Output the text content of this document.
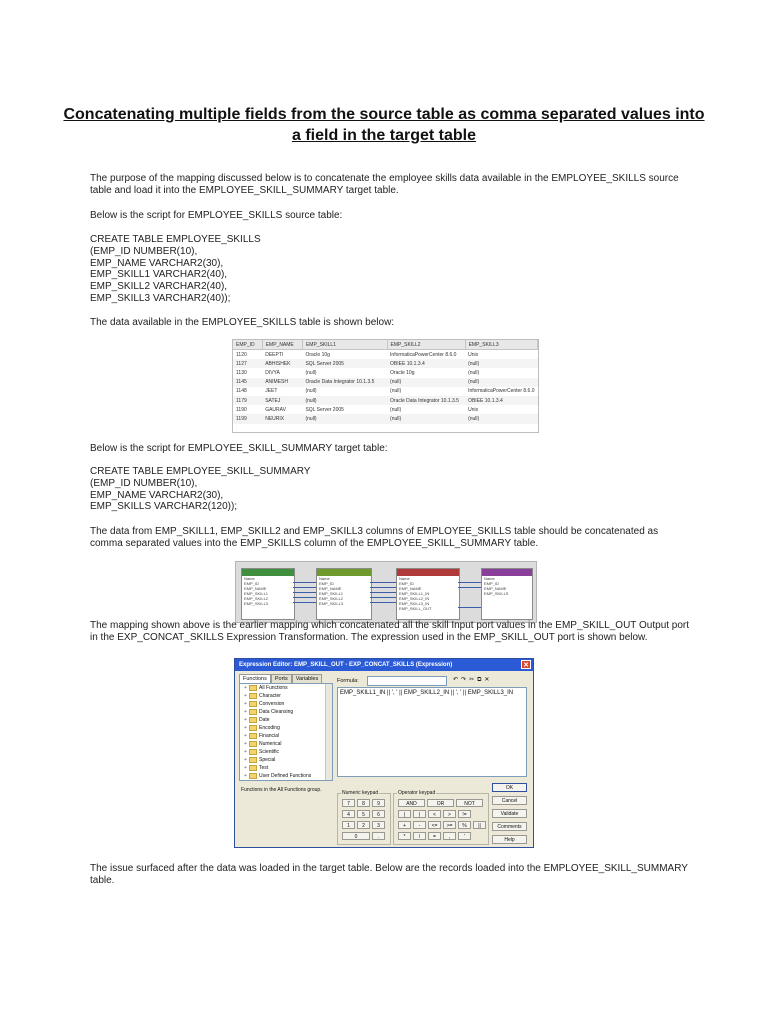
Concatenating multiple fields from the source table as comma separated values into a field in the target table

The purpose of the mapping discussed below is to concatenate the employee skills data available in the EMPLOYEE_SKILLS source table and load it into the EMPLOYEE_SKILL_SUMMARY target table.

Below is the script for EMPLOYEE_SKILLS source table:

CREATE TABLE EMPLOYEE_SKILLS
(EMP_ID NUMBER(10),
EMP_NAME VARCHAR2(30),
EMP_SKILL1 VARCHAR2(40),
EMP_SKILL2 VARCHAR2(40),
EMP_SKILL3 VARCHAR2(40));

The data available in the EMPLOYEE_SKILLS table is shown below:

EMP_ID	EMP_NAME	EMP_SKILL1	EMP_SKILL2	EMP_SKILL3
1120	DEEPTI	Oracle 10g	InformaticaPowerCenter 8.6.0	Unix
1127	ABHISHEK	SQL Server 2005	OBIEE 10.1.3.4	(null)
1130	DIVYA	(null)	Oracle 10g	(null)
1145	ANIMESH	Oracle Data Integrator 10.1.3.5	(null)	(null)
1148	JEET	(null)	(null)	InformaticaPowerCenter 8.6.0
1179	SATEJ	(null)	Oracle Data Integrator 10.1.3.5	OBIEE 10.1.3.4
1190	GAURAV	SQL Server 2005	(null)	Unix
1199	NEURIX	(null)	(null)	(null)

Below is the script for EMPLOYEE_SKILL_SUMMARY target table:

CREATE TABLE EMPLOYEE_SKILL_SUMMARY
(EMP_ID NUMBER(10),
EMP_NAME VARCHAR2(30),
EMP_SKILLS VARCHAR2(120));

The data from EMP_SKILL1, EMP_SKILL2 and EMP_SKILL3 columns of EMPLOYEE_SKILLS table should be concatenated as comma separated values into the EMP_SKILLS column of the EMPLOYEE_SKILL_SUMMARY table.

Name
EMP_ID
EMP_NAME
EMP_SKILL1
EMP_SKILL2
EMP_SKILL3
Name
EMP_ID
EMP_NAME
EMP_SKILL1
EMP_SKILL2
EMP_SKILL3
Name
EMP_ID
EMP_NAME
EMP_SKILL1_IN
EMP_SKILL2_IN
EMP_SKILL3_IN
EMP_SKILL_OUT
Name
EMP_ID
EMP_NAME
EMP_SKILLS

The mapping shown above is the earlier mapping which concatenated all the skill Input port values in the EMP_SKILL_OUT Output port in the EXP_CONCAT_SKILLS Expression Transformation. The expression used in the EMP_SKILL_OUT port is shown below.

Expression Editor: EMP_SKILL_OUT - EXP_CONCAT_SKILLS (Expression)	✕
Functions Ports Variables
+ All Functions
+ Character
+ Conversion
+ Data Cleansing
+ Date
+ Encoding
+ Financial
+ Numerical
+ Scientific
+ Special
+ Test
+ User Defined Functions
Functions in the All Functions group.
Formula:	↶↷✂⧉✕
EMP_SKILL1_IN || ', ' || EMP_SKILL2_IN || ', ' || EMP_SKILL3_IN
Numeric keypad
7	8	9
4	5	6
1	2	3
0	.
Operator keypad
AND	OR	NOT
(	)	<	>	!=
+	-	<=	>=	%	||
*	/	=	,	'
OK
Cancel
Validate
Comments
Help

The issue surfaced after the data was loaded in the target table. Below are the records loaded into the EMPLOYEE_SKILL_SUMMARY table.
